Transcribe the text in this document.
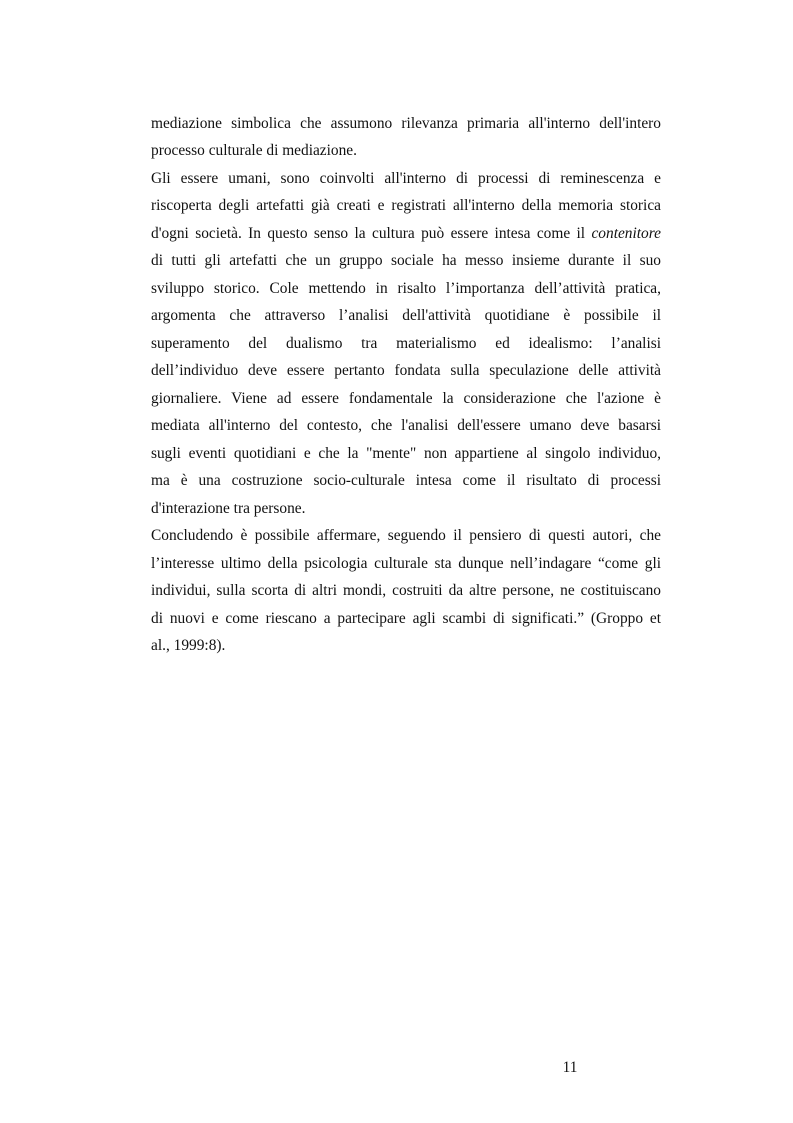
mediazione simbolica che assumono rilevanza primaria all'interno dell'intero
processo culturale di mediazione.
Gli essere umani, sono coinvolti all'interno di processi di reminescenza e
riscoperta degli artefatti già creati e registrati all'interno della memoria storica
d'ogni società. In questo senso la cultura può essere intesa come il contenitore
di tutti gli artefatti che un gruppo sociale ha messo insieme durante il suo
sviluppo storico. Cole mettendo in risalto l’importanza dell’attività pratica,
argomenta che attraverso l’analisi dell'attività quotidiane è possibile il
superamento del dualismo tra materialismo ed idealismo: l’analisi
dell’individuo deve essere pertanto fondata sulla speculazione delle attività
giornaliere. Viene ad essere fondamentale la considerazione che l'azione è
mediata all'interno del contesto, che l'analisi dell'essere umano deve basarsi
sugli eventi quotidiani e che la "mente" non appartiene al singolo individuo,
ma è una costruzione socio-culturale intesa come il risultato di processi
d'interazione tra persone.
Concludendo è possibile affermare, seguendo il pensiero di questi autori, che
l’interesse ultimo della psicologia culturale sta dunque nell’indagare “come gli
individui, sulla scorta di altri mondi, costruiti da altre persone, ne costituiscano
di nuovi e come riescano a partecipare agli scambi di significati.” (Groppo et
al., 1999:8).
11
